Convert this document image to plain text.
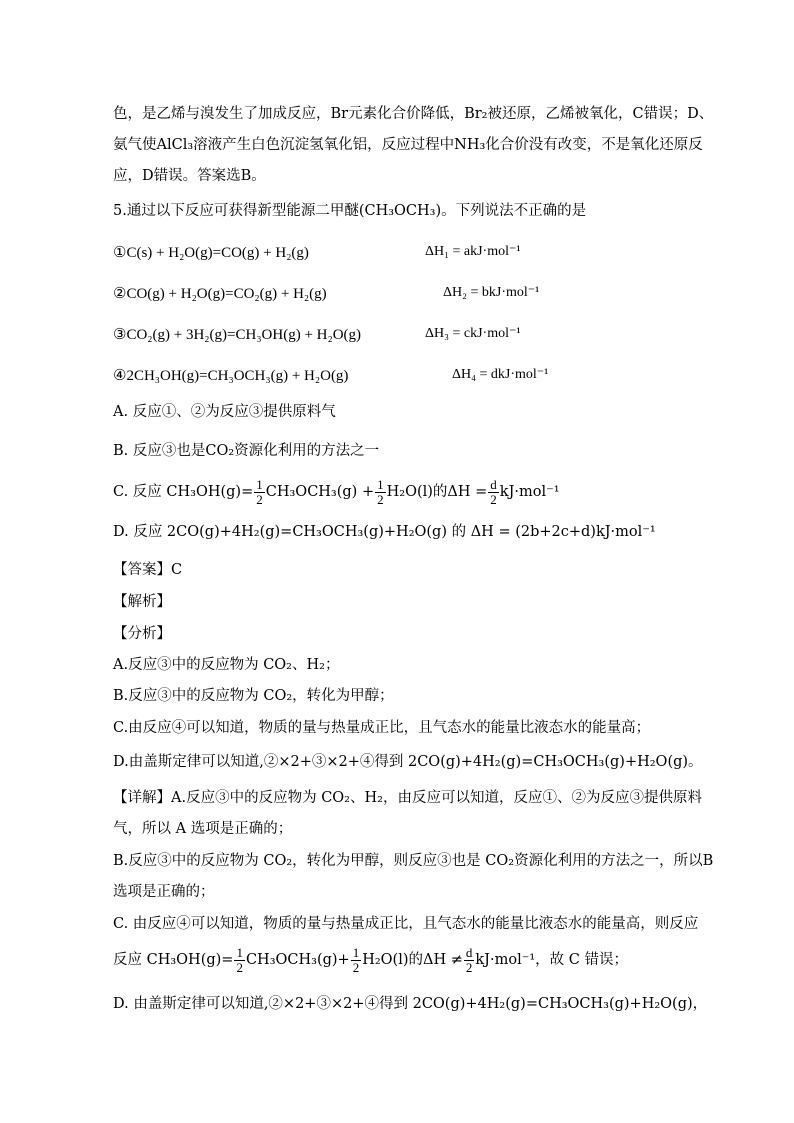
色，是乙烯与溴发生了加成反应，Br元素化合价降低，Br₂被还原，乙烯被氧化，C错误；D、
氨气使AlCl₃溶液产生白色沉淀氢氧化铝，反应过程中NH₃化合价没有改变，不是氧化还原反
应，D错误。答案选B。
5.通过以下反应可获得新型能源二甲醚(CH₃OCH₃)。下列说法不正确的是
①C(s) + H₂O(g)=CO(g) + H₂(g)	ΔH₁ = akJ·mol⁻¹
②CO(g) + H₂O(g)=CO₂(g) + H₂(g)	ΔH₂ = bkJ·mol⁻¹
③CO₂(g) + 3H₂(g)=CH₃OH(g) + H₂O(g)	ΔH₃ = ckJ·mol⁻¹
④2CH₃OH(g)=CH₃OCH₃(g) + H₂O(g)	ΔH₄ = dkJ·mol⁻¹
A. 反应①、②为反应③提供原料气
B. 反应③也是CO₂资源化利用的方法之一
C. 反应 $CH_3OH(g)= \frac{1}{2} CH_3OCH_3(g) + \frac{1}{2} H_2O(l)$的$\Delta H = \frac{d}{2} kJ\cdot mol^{-1}$
D. 反应 2CO(g)+4H₂(g)=CH₃OCH₃(g)+H₂O(g) 的 ΔH = (2b+2c+d)kJ·mol⁻¹
【答案】C
【解析】
【分析】
A.反应③中的反应物为 CO₂、H₂；
B.反应③中的反应物为 CO₂，转化为甲醇；
C.由反应④可以知道，物质的量与热量成正比，且气态水的能量比液态水的能量高；
D.由盖斯定律可以知道,②×2+③×2+④得到 2CO(g)+4H₂(g)=CH₃OCH₃(g)+H₂O(g)。
【详解】A.反应③中的反应物为 CO₂、H₂，由反应可以知道，反应①、②为反应③提供原料
气，所以 A 选项是正确的；
B.反应③中的反应物为 CO₂，转化为甲醇，则反应③也是 CO₂资源化利用的方法之一，所以B
选项是正确的；
C. 由反应④可以知道，物质的量与热量成正比，且气态水的能量比液态水的能量高，则反应
反应 $CH_3OH(g)= \frac{1}{2} CH_3OCH_3(g)+ \frac{1}{2} H_2O(l)$的$\Delta H \ne \frac{d}{2} kJ\cdot mol^{-1}$，故 C 错误；
D. 由盖斯定律可以知道,②×2+③×2+④得到 2CO(g)+4H₂(g)=CH₃OCH₃(g)+H₂O(g)，
